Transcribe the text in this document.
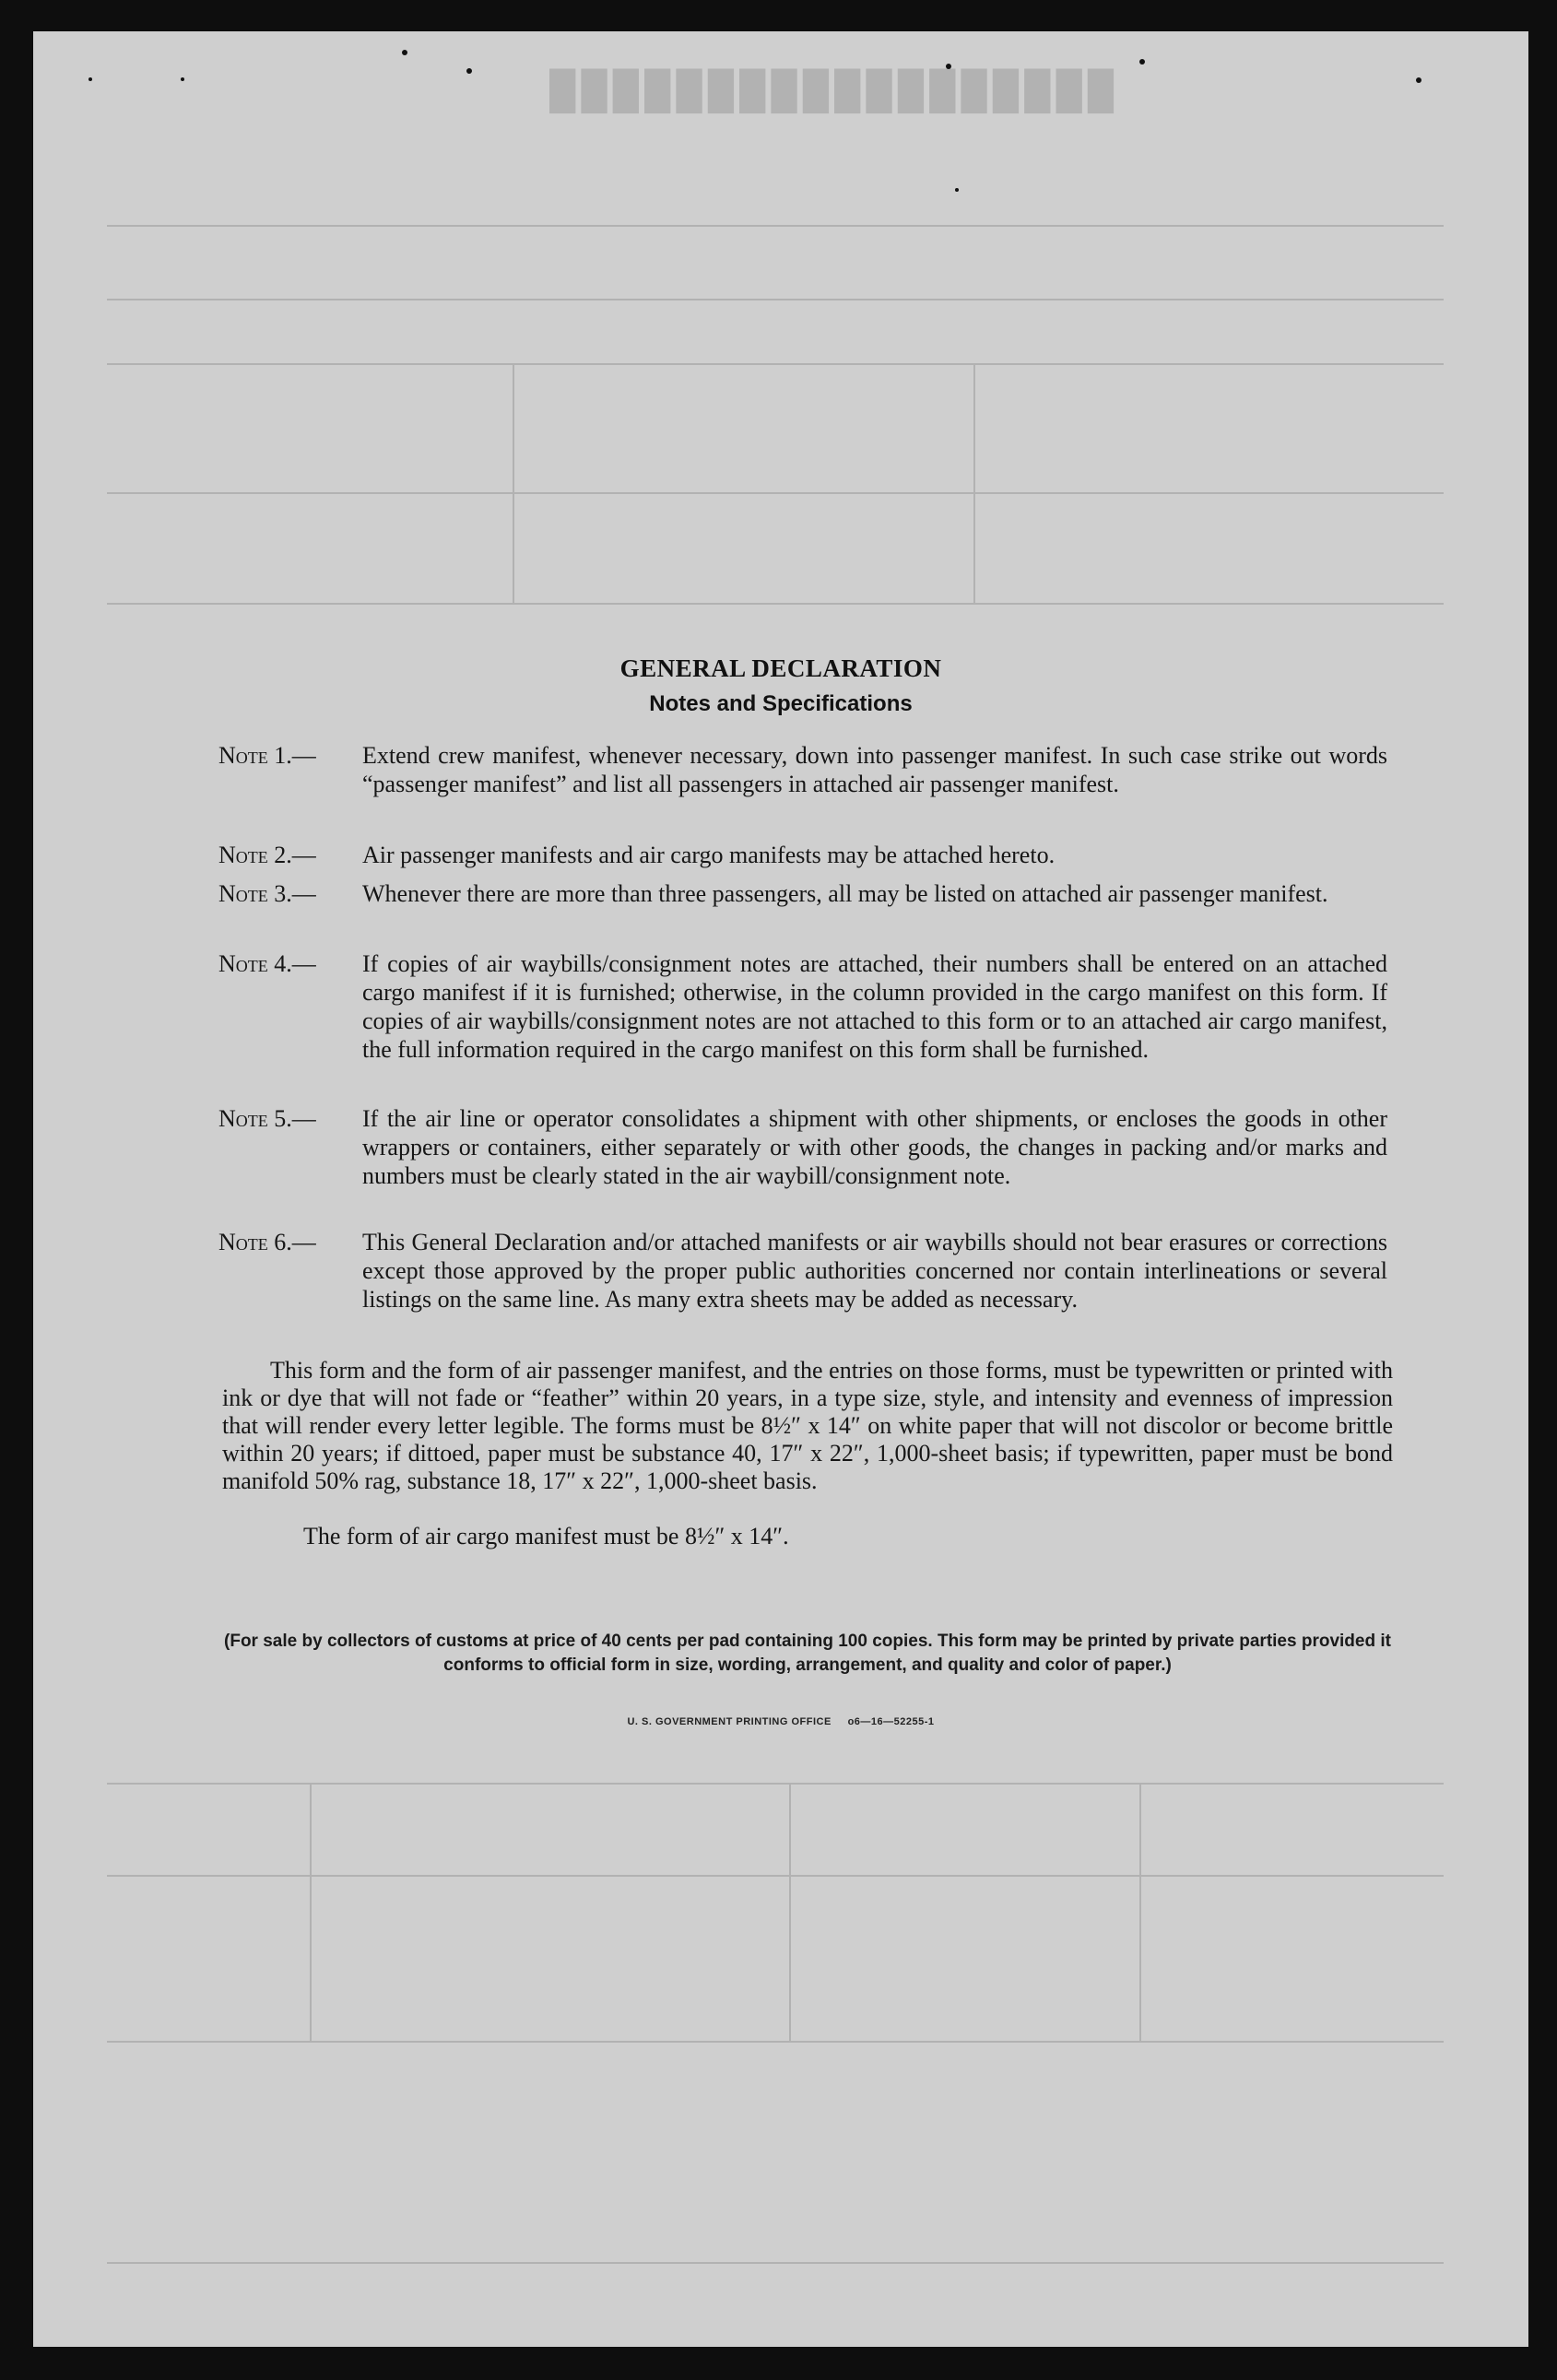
██████████████████
GENERAL DECLARATION
Notes and Specifications
Note 1.—	Extend crew manifest, whenever necessary, down into passenger manifest. In such case strike out words “passenger manifest” and list all passengers in attached air passenger manifest.
Note 2.—	Air passenger manifests and air cargo manifests may be attached hereto.
Note 3.—	Whenever there are more than three passengers, all may be listed on attached air passenger manifest.
Note 4.—	If copies of air waybills/consignment notes are attached, their numbers shall be entered on an attached cargo manifest if it is furnished; otherwise, in the column provided in the cargo manifest on this form. If copies of air waybills/consignment notes are not attached to this form or to an attached air cargo manifest, the full information required in the cargo manifest on this form shall be furnished.
Note 5.—	If the air line or operator consolidates a shipment with other shipments, or encloses the goods in other wrappers or containers, either separately or with other goods, the changes in packing and/or marks and numbers must be clearly stated in the air waybill/consignment note.
Note 6.—	This General Declaration and/or attached manifests or air waybills should not bear erasures or corrections except those approved by the proper public authorities concerned nor contain interlineations or several listings on the same line. As many extra sheets may be added as necessary.
This form and the form of air passenger manifest, and the entries on those forms, must be typewritten or printed with ink or dye that will not fade or “feather” within 20 years, in a type size, style, and intensity and evenness of impression that will render every letter legible. The forms must be 8½″ x 14″ on white paper that will not discolor or become brittle within 20 years; if dittoed, paper must be substance 40, 17″ x 22″, 1,000-sheet basis; if typewritten, paper must be bond manifold 50% rag, substance 18, 17″ x 22″, 1,000-sheet basis.
The form of air cargo manifest must be 8½″ x 14″.
(For sale by collectors of customs at price of 40 cents per pad containing 100 copies. This form may be printed by private parties provided it conforms to official form in size, wording, arrangement, and quality and color of paper.)
U. S. GOVERNMENT PRINTING OFFICE     o6—16—52255-1
